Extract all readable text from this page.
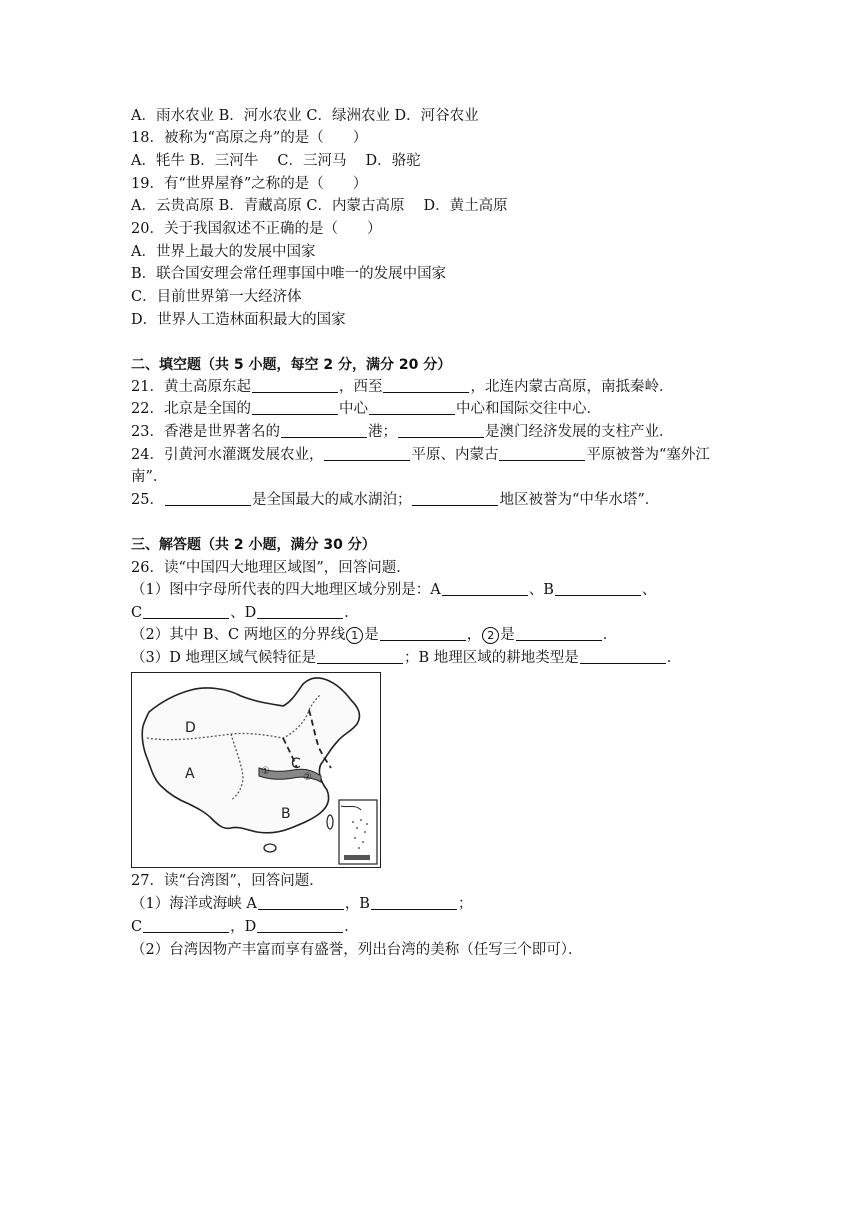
A．雨水农业 B．河水农业 C．绿洲农业 D．河谷农业
18．被称为“高原之舟”的是（　　）
A．牦牛 B．三河牛　 C．三河马　 D．骆驼
19．有“世界屋脊”之称的是（　　）
A．云贵高原 B．青藏高原 C．内蒙古高原　 D．黄土高原
20．关于我国叙述不正确的是（　　）
A．世界上最大的发展中国家
B．联合国安理会常任理事国中唯一的发展中国家
C．目前世界第一大经济体
D．世界人工造林面积最大的国家
二、填空题（共 5 小题，每空 2 分，满分 20 分）
21．黄土高原东起	，西至	，北连内蒙古高原，南抵秦岭．
22．北京是全国的	中心	中心和国际交往中心．
23．香港是世界著名的	港；	是澳门经济发展的支柱产业．
24．引黄河水灌溉发展农业，	平原、内蒙古	平原被誉为“塞外江
南”．
25．	是全国最大的咸水湖泊；	地区被誉为“中华水塔”．
三、解答题（共 2 小题，满分 30 分）
26．读“中国四大地理区域图”，回答问题．
（1）图中字母所代表的四大地理区域分别是：A	、B	、
C	、D	．
（2）其中 B、C 两地区的分界线 1 是	， 2 是	．
（3）D 地理区域气候特征是	；B 地理区域的耕地类型是	．
D
A
C
B
①
②
27．读“台湾图”，回答问题．
（1）海洋或海峡 A	，B	；
C	，D	．
（2）台湾因物产丰富而享有盛誉，列出台湾的美称（任写三个即可）．
